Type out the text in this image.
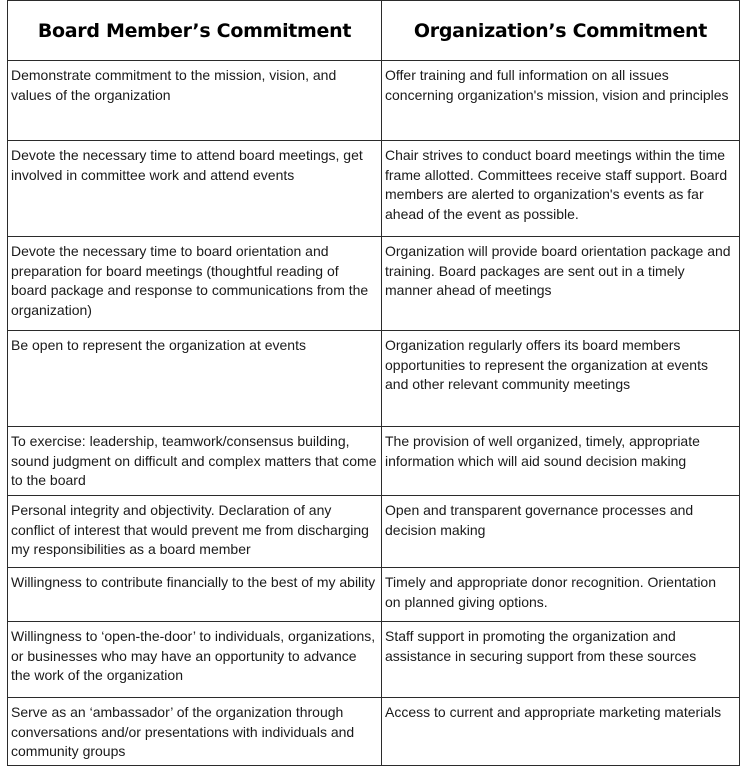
Board Member’s Commitment	Organization’s Commitment
Demonstrate commitment to the mission, vision, and values of the organization	Offer training and full information on all issues concerning organization's mission, vision and principles
Devote the necessary time to attend board meetings, get involved in committee work and attend events	Chair strives to conduct board meetings within the time frame allotted. Committees receive staff support. Board members are alerted to organization's events as far ahead of the event as possible.
Devote the necessary time to board orientation and preparation for board meetings (thoughtful reading of board package and response to communications from the organization)	Organization will provide board orientation package and training. Board packages are sent out in a timely manner ahead of meetings
Be open to represent the organization at events	Organization regularly offers its board members opportunities to represent the organization at events and other relevant community meetings
To exercise: leadership, teamwork/consensus building, sound judgment on difficult and complex matters that come to the board	The provision of well organized, timely, appropriate information which will aid sound decision making
Personal integrity and objectivity. Declaration of any conflict of interest that would prevent me from discharging my responsibilities as a board member	Open and transparent governance processes and decision making
Willingness to contribute financially to the best of my ability	Timely and appropriate donor recognition. Orientation on planned giving options.
Willingness to ‘open-the-door’ to individuals, organizations, or businesses who may have an opportunity to advance the work of the organization	Staff support in promoting the organization and assistance in securing support from these sources
Serve as an ‘ambassador’ of the organization through conversations and/or presentations with individuals and community groups	Access to current and appropriate marketing materials
